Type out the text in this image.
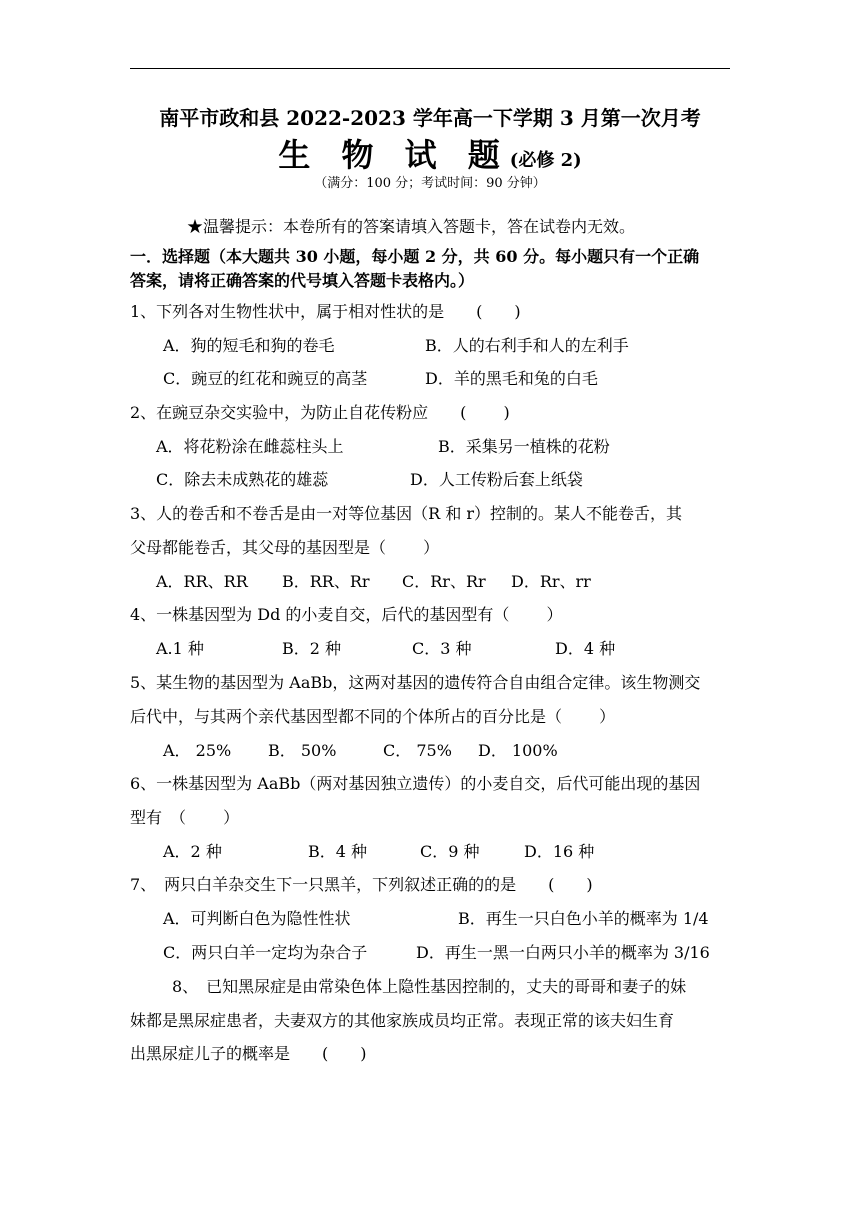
南平市政和县 2022-2023 学年高一下学期 3 月第一次月考
生 物 试 题(必修 2)
（满分：100 分；考试时间：90 分钟）
★温馨提示：本卷所有的答案请填入答题卡，答在试卷内无效。
一．选择题（本大题共 30 小题，每小题 2 分，共 60 分。每小题只有一个正确
答案，请将正确答案的代号填入答题卡表格内。）
1、下列各对生物性状中，属于相对性状的是　　(　　)
A．狗的短毛和狗的卷毛	B．人的右利手和人的左利手
C．豌豆的红花和豌豆的高茎	D．羊的黑毛和兔的白毛
2、在豌豆杂交实验中，为防止自花传粉应　　(　　 )
A．将花粉涂在雌蕊柱头上	B．采集另一植株的花粉
C．除去未成熟花的雄蕊	D．人工传粉后套上纸袋
3、人的卷舌和不卷舌是由一对等位基因（R 和 r）控制的。某人不能卷舌，其
父母都能卷舌，其父母的基因型是（　　 ）
A．RR、RR B．RR、Rr C．Rr、Rr D．Rr、rr
4、一株基因型为 Dd 的小麦自交，后代的基因型有（　　 ）
A.1 种	B．2 种	C．3 种	D．4 种
5、某生物的基因型为 AaBb，这两对基因的遗传符合自由组合定律。该生物测交
后代中，与其两个亲代基因型都不同的个体所占的百分比是（　　 ）
A． 25% B． 50%	C． 75% D． 100%
6、一株基因型为 AaBb（两对基因独立遗传）的小麦自交，后代可能出现的基因
型有　（　　 ）
A．2 种	B．4 种	C．9 种	D．16 种
7、　两只白羊杂交生下一只黑羊，下列叙述正确的的是　　(　　)
A．可判断白色为隐性性状	B．再生一只白色小羊的概率为 1/4
C．两只白羊一定均为杂合子	D．再生一黑一白两只小羊的概率为 3/16
8、　已知黑尿症是由常染色体上隐性基因控制的，丈夫的哥哥和妻子的妹
妹都是黑尿症患者，夫妻双方的其他家族成员均正常。表现正常的该夫妇生育
出黑尿症儿子的概率是　　(　　)
